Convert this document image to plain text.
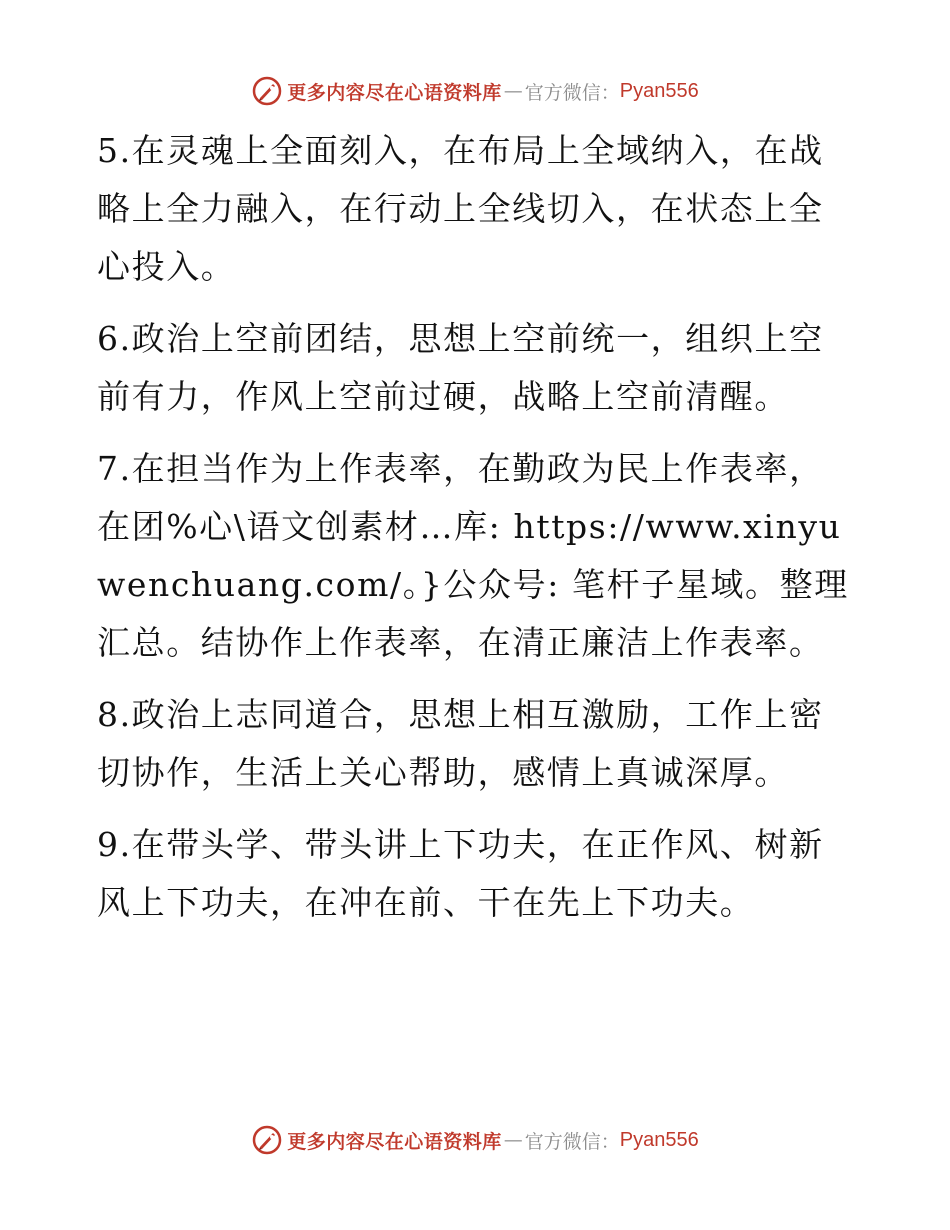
更多内容尽在心语资料库 — 官方微信： Pyan556

5.在灵魂上全面刻入，在布局上全域纳入，在战略上全力融入，在行动上全线切入，在状态上全心投入。

6.政治上空前团结，思想上空前统一，组织上空前有力，作风上空前过硬，战略上空前清醒。

7.在担当作为上作表率，在勤政为民上作表率，在团%心\语文创素材…库: https://www.xinyuwenchuang.com/。}公众号: 笔杆子星域。整理汇总。结协作上作表率，在清正廉洁上作表率。

8.政治上志同道合，思想上相互激励，工作上密切协作，生活上关心帮助，感情上真诚深厚。

9.在带头学、带头讲上下功夫，在正作风、树新风上下功夫，在冲在前、干在先上下功夫。

更多内容尽在心语资料库 — 官方微信： Pyan556
